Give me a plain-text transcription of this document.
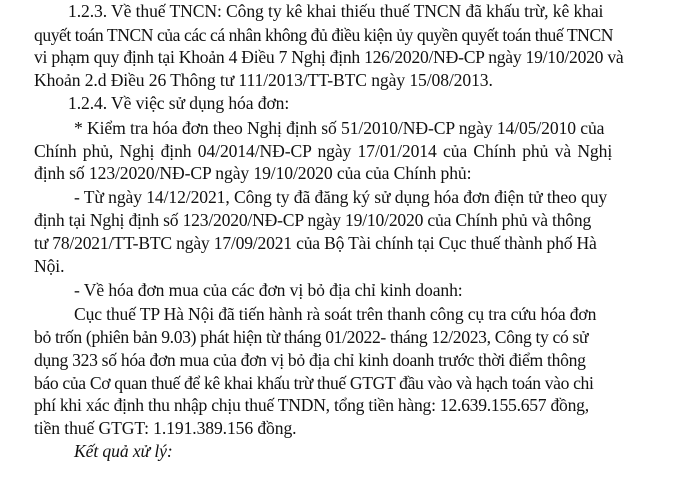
1.2.3. Về thuế TNCN: Công ty kê khai thiếu thuế TNCN đã khấu trừ, kê khai
quyết toán TNCN của các cá nhân không đủ điều kiện ủy quyền quyết toán thuế TNCN
vi phạm quy định tại Khoản 4 Điều 7 Nghị định 126/2020/NĐ-CP ngày 19/10/2020 và
Khoản 2.d Điều 26 Thông tư 111/2013/TT-BTC ngày 15/08/2013.
1.2.4. Về việc sử dụng hóa đơn:
* Kiểm tra hóa đơn theo Nghị định số 51/2010/NĐ-CP ngày 14/05/2010 của
Chính phủ, Nghị định 04/2014/NĐ-CP ngày 17/01/2014 của Chính phủ và Nghị
định số 123/2020/NĐ-CP ngày 19/10/2020 của của Chính phủ:
- Từ ngày 14/12/2021, Công ty đã đăng ký sử dụng hóa đơn điện tử theo quy
định tại Nghị định số 123/2020/NĐ-CP ngày 19/10/2020 của Chính phủ và thông
tư 78/2021/TT-BTC ngày 17/09/2021 của Bộ Tài chính tại Cục thuế thành phố Hà
Nội.
- Về hóa đơn mua của các đơn vị bỏ địa chỉ kinh doanh:
Cục thuế TP Hà Nội đã tiến hành rà soát trên thanh công cụ tra cứu hóa đơn
bỏ trốn (phiên bản 9.03) phát hiện từ tháng 01/2022- tháng 12/2023, Công ty có sử
dụng 323 số hóa đơn mua của đơn vị bỏ địa chỉ kinh doanh trước thời điểm thông
báo của Cơ quan thuế để kê khai khấu trừ thuế GTGT đầu vào và hạch toán vào chi
phí khi xác định thu nhập chịu thuế TNDN, tổng tiền hàng: 12.639.155.657 đồng,
tiền thuế GTGT: 1.191.389.156 đồng.
Kết quả xử lý:
